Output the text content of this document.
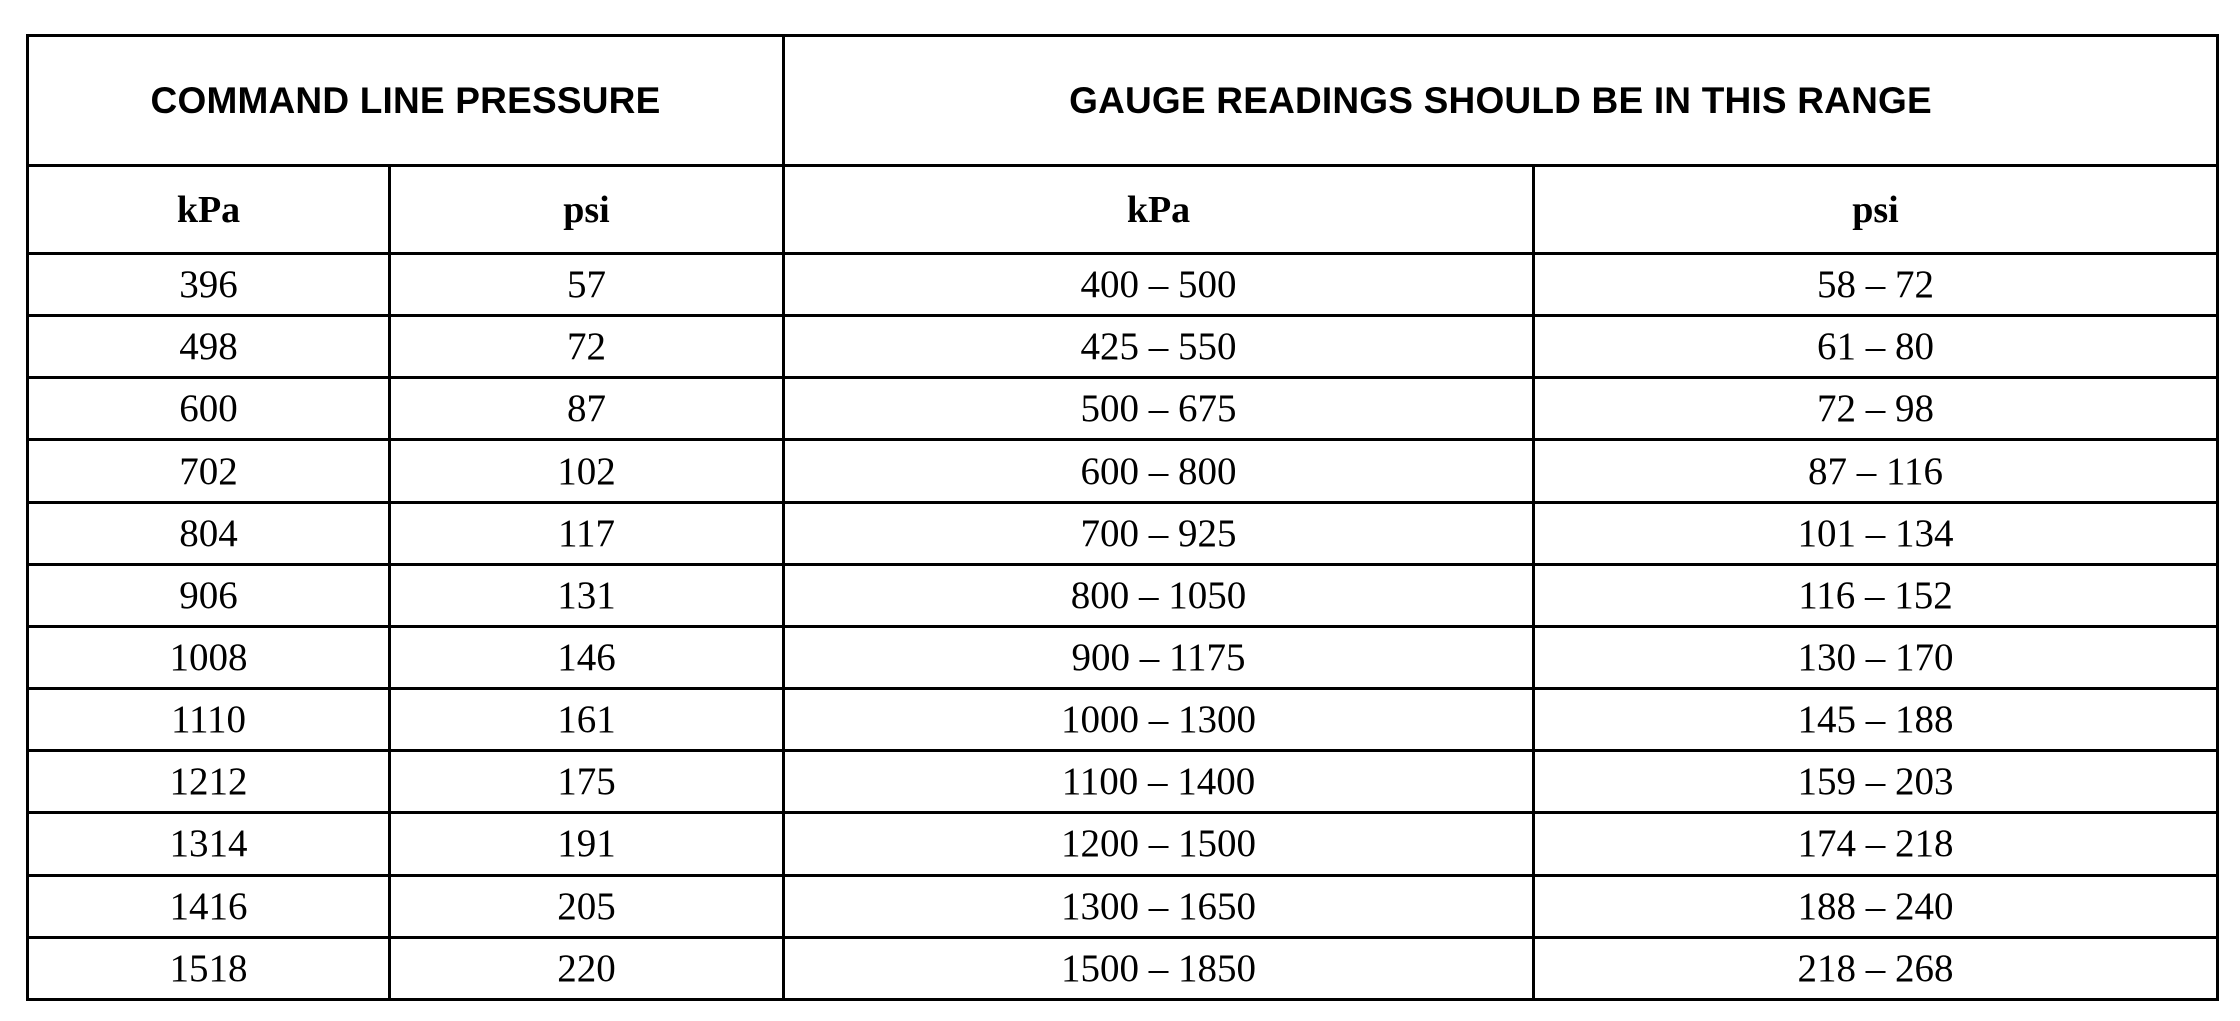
COMMAND LINE PRESSURE		GAUGE READINGS SHOULD BE IN THIS RANGE	
kPa	psi	kPa	psi
396	57	400 – 500	58 – 72
498	72	425 – 550	61 – 80
600	87	500 – 675	72 – 98
702	102	600 – 800	87 – 116
804	117	700 – 925	101 – 134
906	131	800 – 1050	116 – 152
1008	146	900 – 1175	130 – 170
1110	161	1000 – 1300	145 – 188
1212	175	1100 – 1400	159 – 203
1314	191	1200 – 1500	174 – 218
1416	205	1300 – 1650	188 – 240
1518	220	1500 – 1850	218 – 268
